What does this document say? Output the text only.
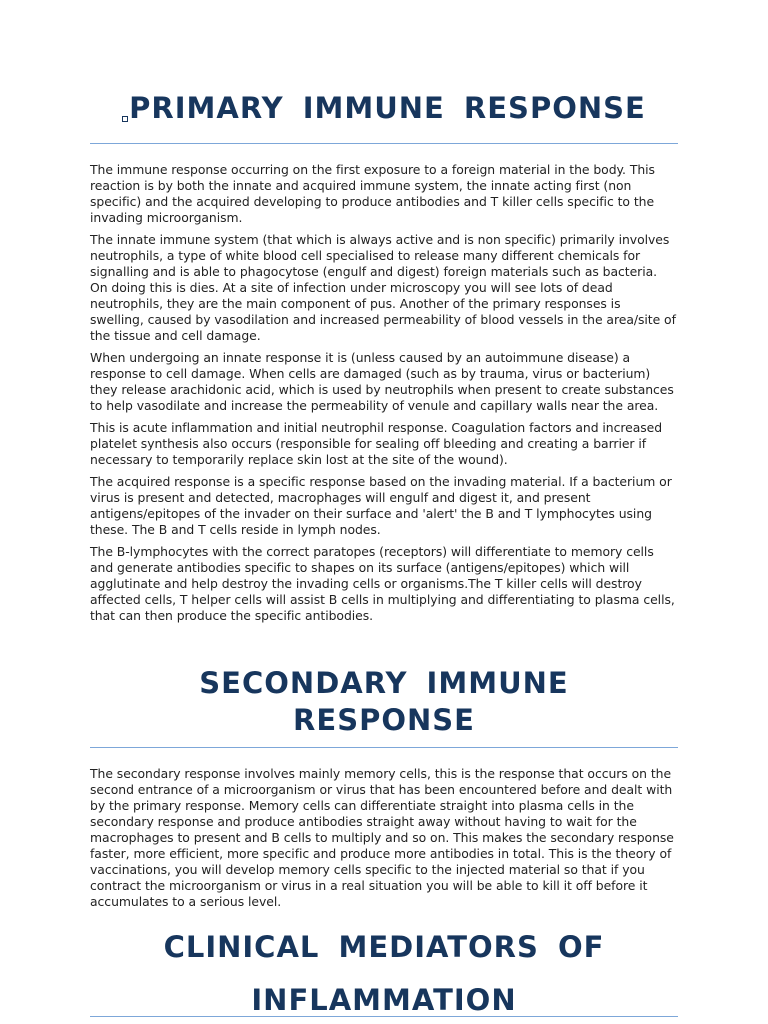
PRIMARY IMMUNE RESPONSE

The immune response occurring on the first exposure to a foreign material in the body. This reaction is by both the innate and acquired immune system, the innate acting first (non specific) and the acquired developing to produce antibodies and T killer cells specific to the invading microorganism.

The innate immune system (that which is always active and is non specific) primarily involves neutrophils, a type of white blood cell specialised to release many different chemicals for signalling and is able to phagocytose (engulf and digest) foreign materials such as bacteria. On doing this is dies. At a site of infection under microscopy you will see lots of dead neutrophils, they are the main component of pus. Another of the primary responses is swelling, caused by vasodilation and increased permeability of blood vessels in the area/site of the tissue and cell damage.

When undergoing an innate response it is (unless caused by an autoimmune disease) a response to cell damage. When cells are damaged (such as by trauma, virus or bacterium) they release arachidonic acid, which is used by neutrophils when present to create substances to help vasodilate and increase the permeability of venule and capillary walls near the area.

This is acute inflammation and initial neutrophil response. Coagulation factors and increased platelet synthesis also occurs (responsible for sealing off bleeding and creating a barrier if necessary to temporarily replace skin lost at the site of the wound).

The acquired response is a specific response based on the invading material. If a bacterium or virus is present and detected, macrophages will engulf and digest it, and present antigens/epitopes of the invader on their surface and 'alert' the B and T lymphocytes using these. The B and T cells reside in lymph nodes.

The B-lymphocytes with the correct paratopes (receptors) will differentiate to memory cells and generate antibodies specific to shapes on its surface (antigens/epitopes) which will agglutinate and help destroy the invading cells or organisms.The T killer cells will destroy affected cells, T helper cells will assist B cells in multiplying and differentiating to plasma cells, that can then produce the specific antibodies.

SECONDARY IMMUNE
RESPONSE

The secondary response involves mainly memory cells, this is the response that occurs on the second entrance of a microorganism or virus that has been encountered before and dealt with by the primary response. Memory cells can differentiate straight into plasma cells in the secondary response and produce antibodies straight away without having to wait for the macrophages to present and B cells to multiply and so on. This makes the secondary response faster, more efficient, more specific and produce more antibodies in total. This is the theory of vaccinations, you will develop memory cells specific to the injected material so that if you contract the microorganism or virus in a real situation you will be able to kill it off before it accumulates to a serious level.

CLINICAL MEDIATORS OF
INFLAMMATION
